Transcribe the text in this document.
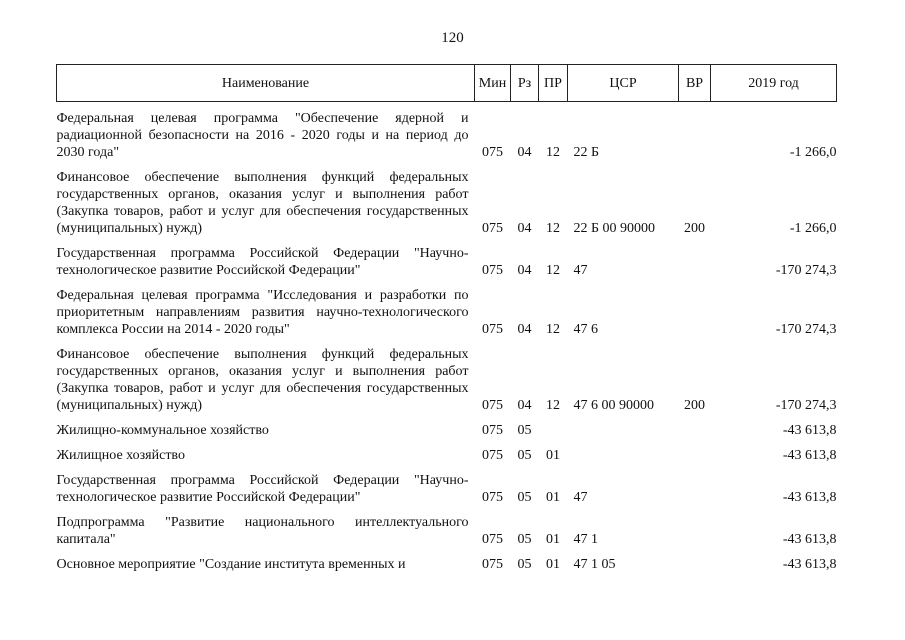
120
Наименование	Мин	Рз	ПР	ЦСР	ВР	2019 год

Федеральная целевая программа "Обеспечение ядерной и радиационной безопасности на 2016 - 2020 годы и на период до 2030 года"	075	04	12	22 Б		-1 266,0

Финансовое обеспечение выполнения функций федеральных государственных органов, оказания услуг и выполнения работ (Закупка товаров, работ и услуг для обеспечения государственных (муниципальных) нужд)	075	04	12	22 Б 00 90000	200	-1 266,0

Государственная программа Российской Федерации "Научно-технологическое развитие Российской Федерации"	075	04	12	47		-170 274,3

Федеральная целевая программа "Исследования и разработки по приоритетным направлениям развития научно-технологического комплекса России на 2014 - 2020 годы"	075	04	12	47 6		-170 274,3

Финансовое обеспечение выполнения функций федеральных государственных органов, оказания услуг и выполнения работ (Закупка товаров, работ и услуг для обеспечения государственных (муниципальных) нужд)	075	04	12	47 6 00 90000	200	-170 274,3

Жилищно-коммунальное хозяйство	075	05				-43 613,8

Жилищное хозяйство	075	05	01			-43 613,8

Государственная программа Российской Федерации "Научно-технологическое развитие Российской Федерации"	075	05	01	47		-43 613,8

Подпрограмма "Развитие национального интеллектуального капитала"	075	05	01	47 1		-43 613,8

Основное мероприятие "Создание института временных и	075	05	01	47 1 05		-43 613,8
